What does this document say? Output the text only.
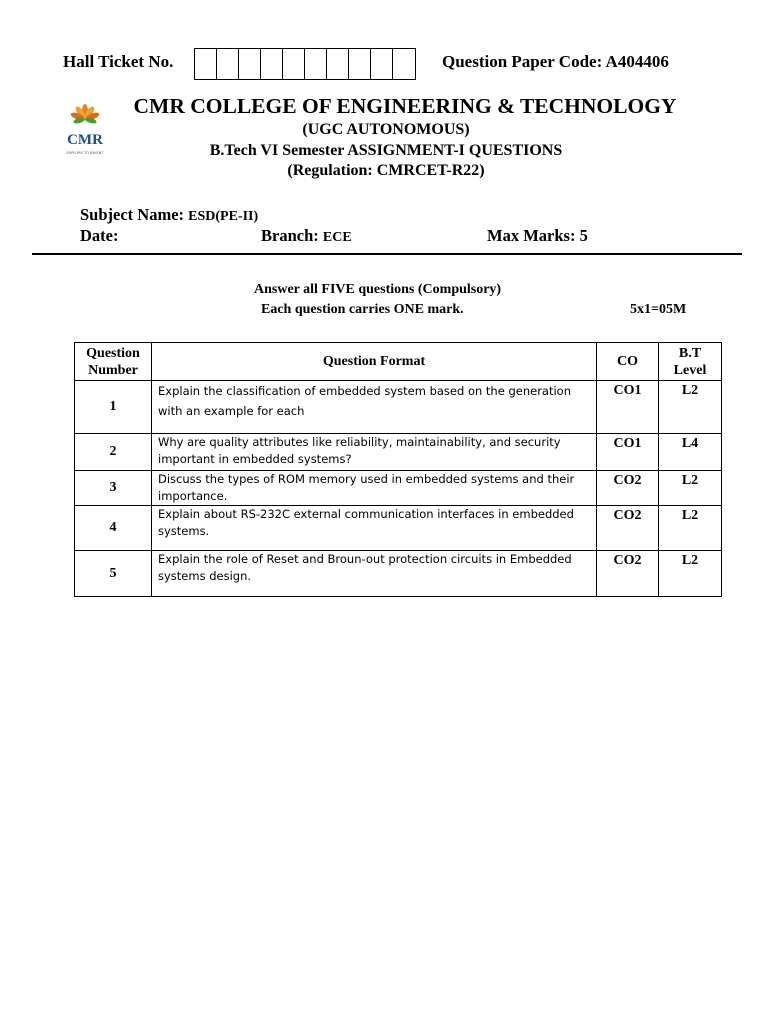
Hall Ticket No.	Question Paper Code: A404406
CMR
EXPLORE TO INVENT
CMR COLLEGE OF ENGINEERING & TECHNOLOGY
(UGC AUTONOMOUS)
B.Tech VI Semester ASSIGNMENT-I QUESTIONS
(Regulation: CMRCET-R22)
Subject Name: ESD(PE-II)
Date:	Branch: ECE	Max Marks: 5
Answer all FIVE questions (Compulsory)
Each question carries ONE mark.	5x1=05M
Question
Number	Question Format	CO	B.T
Level
1	Explain the classification of embedded system based on the generation with an example for each	CO1	L2
2	Why are quality attributes like reliability, maintainability, and security important in embedded systems?	CO1	L4
3	Discuss the types of ROM memory used in embedded systems and their importance.	CO2	L2
4	Explain about RS-232C external communication interfaces in embedded systems.	CO2	L2
5	Explain the role of Reset and Broun-out protection circuits in Embedded systems design.	CO2	L2
